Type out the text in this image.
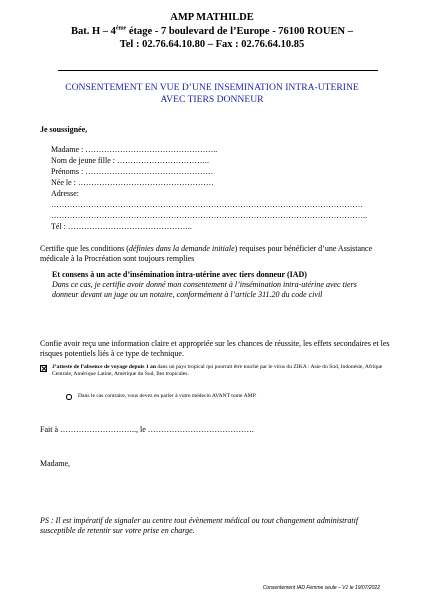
AMP MATHILDE
Bat. H – 4ème étage - 7 boulevard de l’Europe - 76100 ROUEN –
Tel : 02.76.64.10.80 – Fax : 02.76.64.10.85
CONSENTEMENT EN VUE D’UNE INSEMINATION INTRA-UTERINE
AVEC TIERS DONNEUR
Je soussignée,
Madame : …………………………………………..
Nom de jeune fille : ……………………………..
Prénoms : …………………………………………
Née le : ……………………………………………
Adresse:
………………………………………………………………………………………………………
………………………………………………………………………………………………………..
Tél : ………………………………………..
Certifie que les conditions (définies dans la demande initiale) requises pour bénéficier d’une Assistance médicale à la Procréation sont toujours remplies
Et consens à un acte d’insémination intra-utérine avec tiers donneur (IAD)
Dans ce cas, je certifie avoir donné mon consentement à l’insémination intra-utérine avec tiers donneur devant un juge ou un notaire, conformément à l’article 311.20 du code civil
Confie avoir reçu une information claire et appropriée sur les chances de réussite, les effets secondaires et les risques potentiels liés à ce type de technique.
J’atteste de l’absence de voyage depuis 1 an dans un pays tropical qui pourrait être touché par le virus du ZIKA : Asie du Sud, Indonésie, Afrique Centrale, Amérique Latine, Amérique du Sud, Iles tropicales.
Dans le cas contraire, vous devez en parler à votre médecin AVANT toute AMP.
Fait à ……………………….., le ………………………………….
Madame,
PS : Il est impératif de signaler au centre tout évènement médical ou tout changement administratif susceptible de retentir sur votre prise en charge.
Consentement IAD Femme seule – V1 le 19/07/2022
